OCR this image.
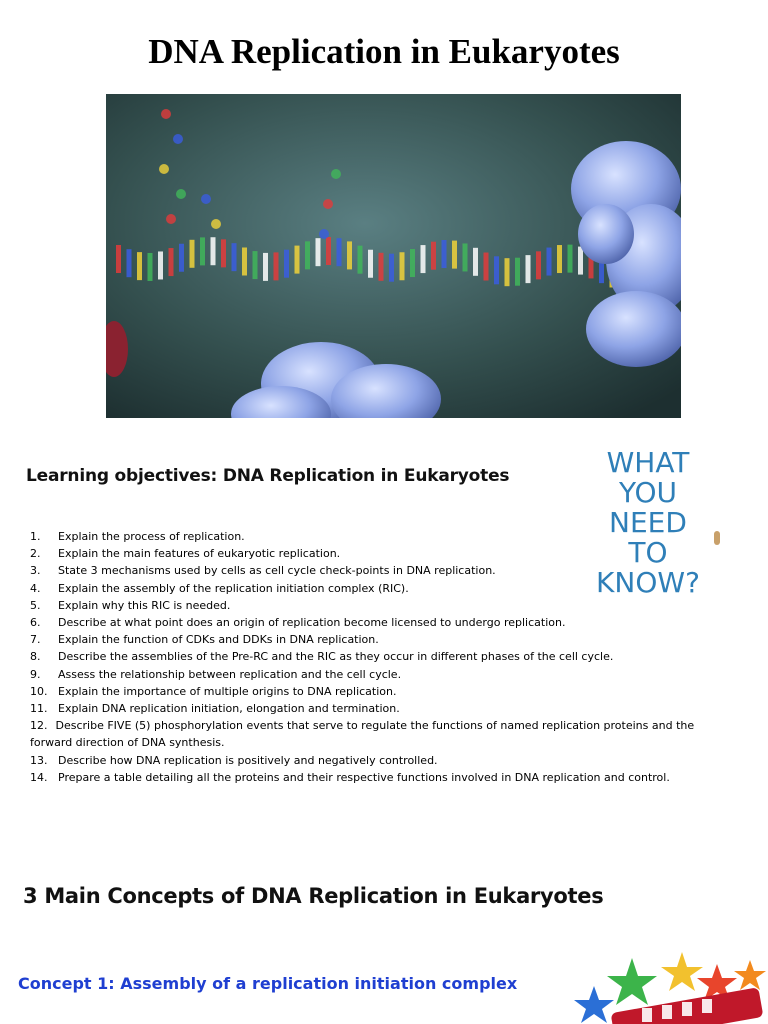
DNA Replication in Eukaryotes
Learning objectives: DNA Replication in Eukaryotes	WHAT
YOU
NEED
TO
KNOW?
1. Explain the process of replication.
2. Explain the main features of eukaryotic replication.
3. State 3 mechanisms used by cells as cell cycle check-points in DNA replication.
4. Explain the assembly of the replication initiation complex (RIC).
5. Explain why this RIC is needed.
6. Describe at what point does an origin of replication become licensed to undergo replication.
7. Explain the function of CDKs and DDKs in DNA replication.
8. Describe the assemblies of the Pre-RC and the RIC as they occur in different phases of the cell cycle.
9. Assess the relationship between replication and the cell cycle.
10. Explain the importance of multiple origins to DNA replication.
11. Explain DNA replication initiation, elongation and termination.
12. Describe FIVE (5) phosphorylation events that serve to regulate the functions of named replication proteins and the forward direction of DNA synthesis.
13. Describe how DNA replication is positively and negatively controlled.
14. Prepare a table detailing all the proteins and their respective functions involved in DNA replication and control.
3 Main Concepts of DNA Replication in Eukaryotes
Concept 1: Assembly of a replication initiation complex
